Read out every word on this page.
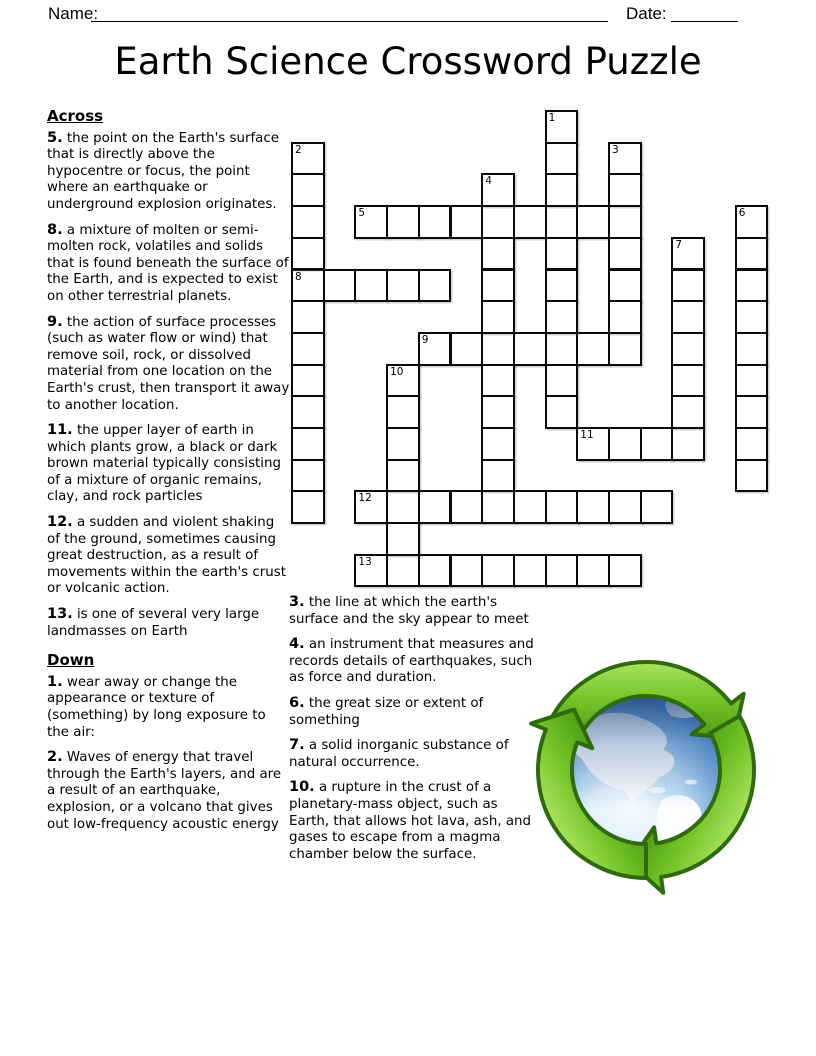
Name:	Date:
Earth Science Crossword Puzzle
Across
5. the point on the Earth's surface that is directly above the hypocentre or focus, the point where an earthquake or underground explosion originates.
8. a mixture of molten or semi-molten rock, volatiles and solids that is found beneath the surface of the Earth, and is expected to exist on other terrestrial planets.
9. the action of surface processes (such as water flow or wind) that remove soil, rock, or dissolved material from one location on the Earth's crust, then transport it away to another location.
11. the upper layer of earth in which plants grow, a black or dark brown material typically consisting of a mixture of organic remains, clay, and rock particles
12. a sudden and violent shaking of the ground, sometimes causing great destruction, as a result of movements within the earth's crust or volcanic action.
13. is one of several very large landmasses on Earth
Down
1. wear away or change the appearance or texture of (something) by long exposure to the air:
2. Waves of energy that travel through the Earth's layers, and are a result of an earthquake, explosion, or a volcano that gives out low-frequency acoustic energy
3. the line at which the earth's surface and the sky appear to meet
4. an instrument that measures and records details of earthquakes, such as force and duration.
6. the great size or extent of something
7. a solid inorganic substance of natural occurrence.
10. a rupture in the crust of a planetary-mass object, such as Earth, that allows hot lava, ash, and gases to escape from a magma chamber below the surface.
5
8
9
11
12
13
1
2	3
4
6
7
10
